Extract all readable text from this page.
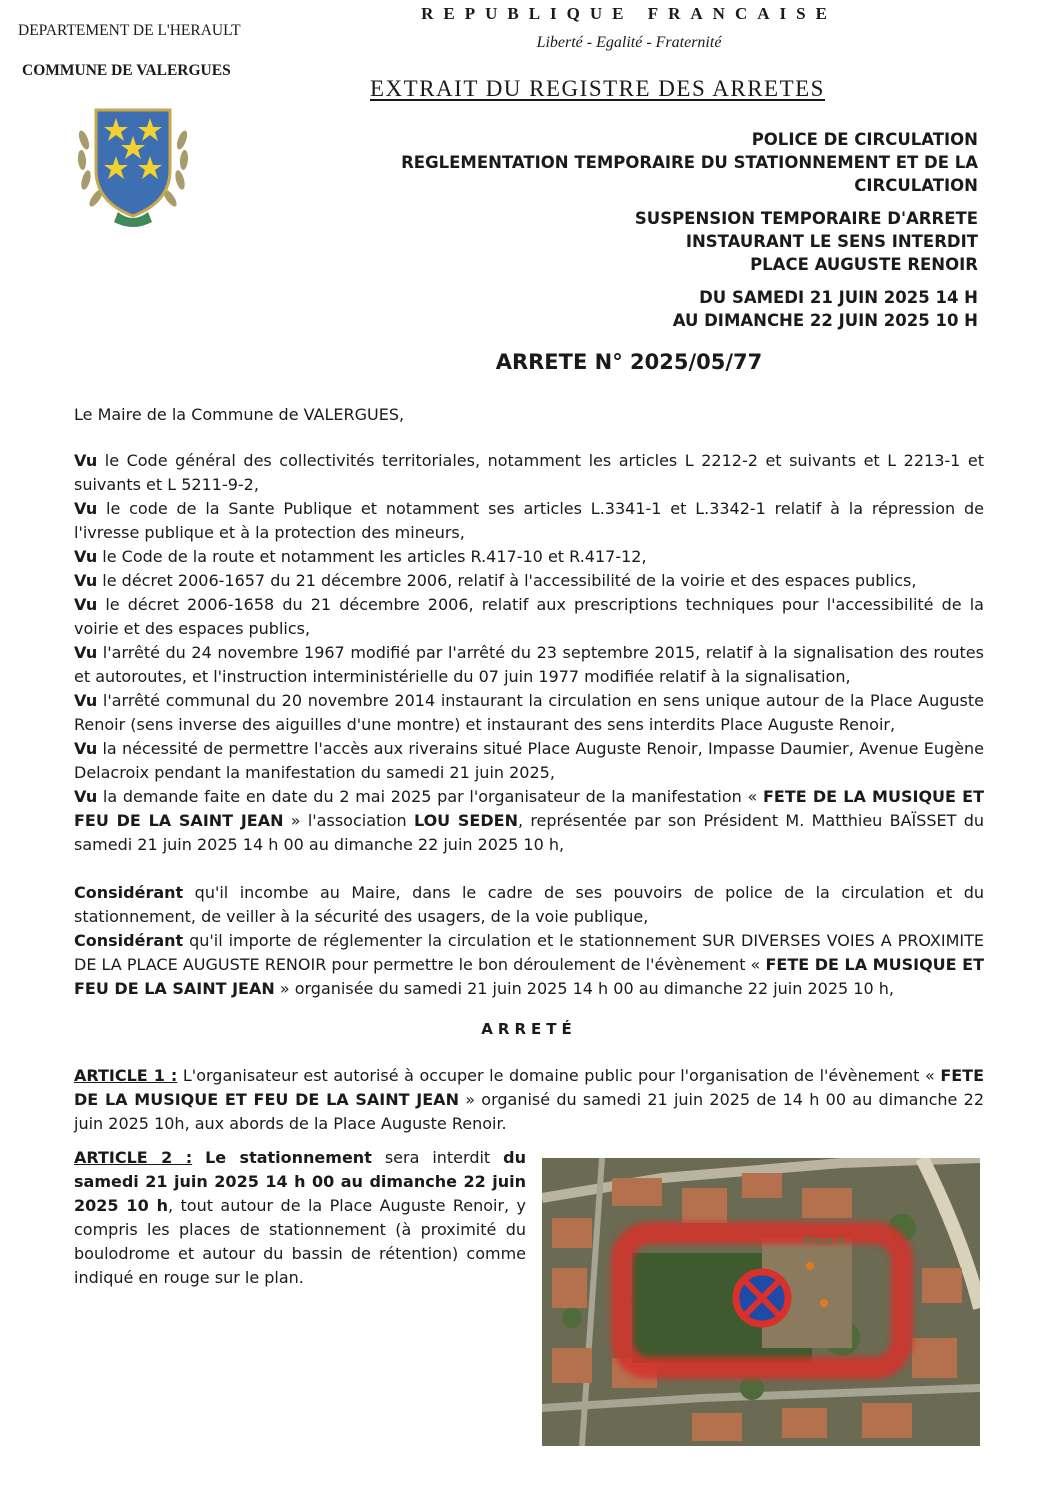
DEPARTEMENT DE L'HERAULT
COMMUNE DE VALERGUES
REPUBLIQUE FRANCAISE
Liberté - Egalité - Fraternité
EXTRAIT DU REGISTRE DES ARRETES
POLICE DE CIRCULATION
REGLEMENTATION TEMPORAIRE DU STATIONNEMENT ET DE LA
CIRCULATION
SUSPENSION TEMPORAIRE D'ARRETE
INSTAURANT LE SENS INTERDIT
PLACE AUGUSTE RENOIR
DU SAMEDI 21 JUIN 2025 14 H
AU DIMANCHE 22 JUIN 2025 10 H
ARRETE N° 2025/05/77

Le Maire de la Commune de VALERGUES,

Vu le Code général des collectivités territoriales, notamment les articles L 2212-2 et suivants et L 2213-1 et suivants et L 5211-9-2,

Vu le code de la Sante Publique et notamment ses articles L.3341-1 et L.3342-1 relatif à la répression de l'ivresse publique et à la protection des mineurs,

Vu le Code de la route et notamment les articles R.417-10 et R.417-12,

Vu le décret 2006-1657 du 21 décembre 2006, relatif à l'accessibilité de la voirie et des espaces publics,

Vu le décret 2006-1658 du 21 décembre 2006, relatif aux prescriptions techniques pour l'accessibilité de la voirie et des espaces publics,

Vu l'arrêté du 24 novembre 1967 modifié par l'arrêté du 23 septembre 2015, relatif à la signalisation des routes et autoroutes, et l'instruction interministérielle du 07 juin 1977 modifiée relatif à la signalisation,

Vu l'arrêté communal du 20 novembre 2014 instaurant la circulation en sens unique autour de la Place Auguste Renoir (sens inverse des aiguilles d'une montre) et instaurant des sens interdits Place Auguste Renoir,

Vu la nécessité de permettre l'accès aux riverains situé Place Auguste Renoir, Impasse Daumier, Avenue Eugène Delacroix pendant la manifestation du samedi 21 juin 2025,

Vu la demande faite en date du 2 mai 2025 par l'organisateur de la manifestation « FETE DE LA MUSIQUE ET FEU DE LA SAINT JEAN » l'association LOU SEDEN, représentée par son Président M. Matthieu BAÏSSET du samedi 21 juin 2025 14 h 00 au dimanche 22 juin 2025 10 h,

Considérant qu'il incombe au Maire, dans le cadre de ses pouvoirs de police de la circulation et du stationnement, de veiller à la sécurité des usagers, de la voie publique,

Considérant qu'il importe de réglementer la circulation et le stationnement SUR DIVERSES VOIES A PROXIMITE DE LA PLACE AUGUSTE RENOIR pour permettre le bon déroulement de l'évènement « FETE DE LA MUSIQUE ET FEU DE LA SAINT JEAN » organisée du samedi 21 juin 2025 14 h 00 au dimanche 22 juin 2025 10 h,

ARRETÉ
ARTICLE 1 : L'organisateur est autorisé à occuper le domaine public pour l'organisation de l'évènement « FETE DE LA MUSIQUE ET FEU DE LA SAINT JEAN » organisé du samedi 21 juin 2025 de 14 h 00 au dimanche 22 juin 2025 10h, aux abords de la Place Auguste Renoir.
ARTICLE 2 : Le stationnement sera interdit du samedi 21 juin 2025 14 h 00 au dimanche 22 juin 2025 10 h, tout autour de la Place Auguste Renoir, y compris les places de stationnement (à proximité du boulodrome et autour du bassin de rétention) comme indiqué en rouge sur le plan.
Place A...
